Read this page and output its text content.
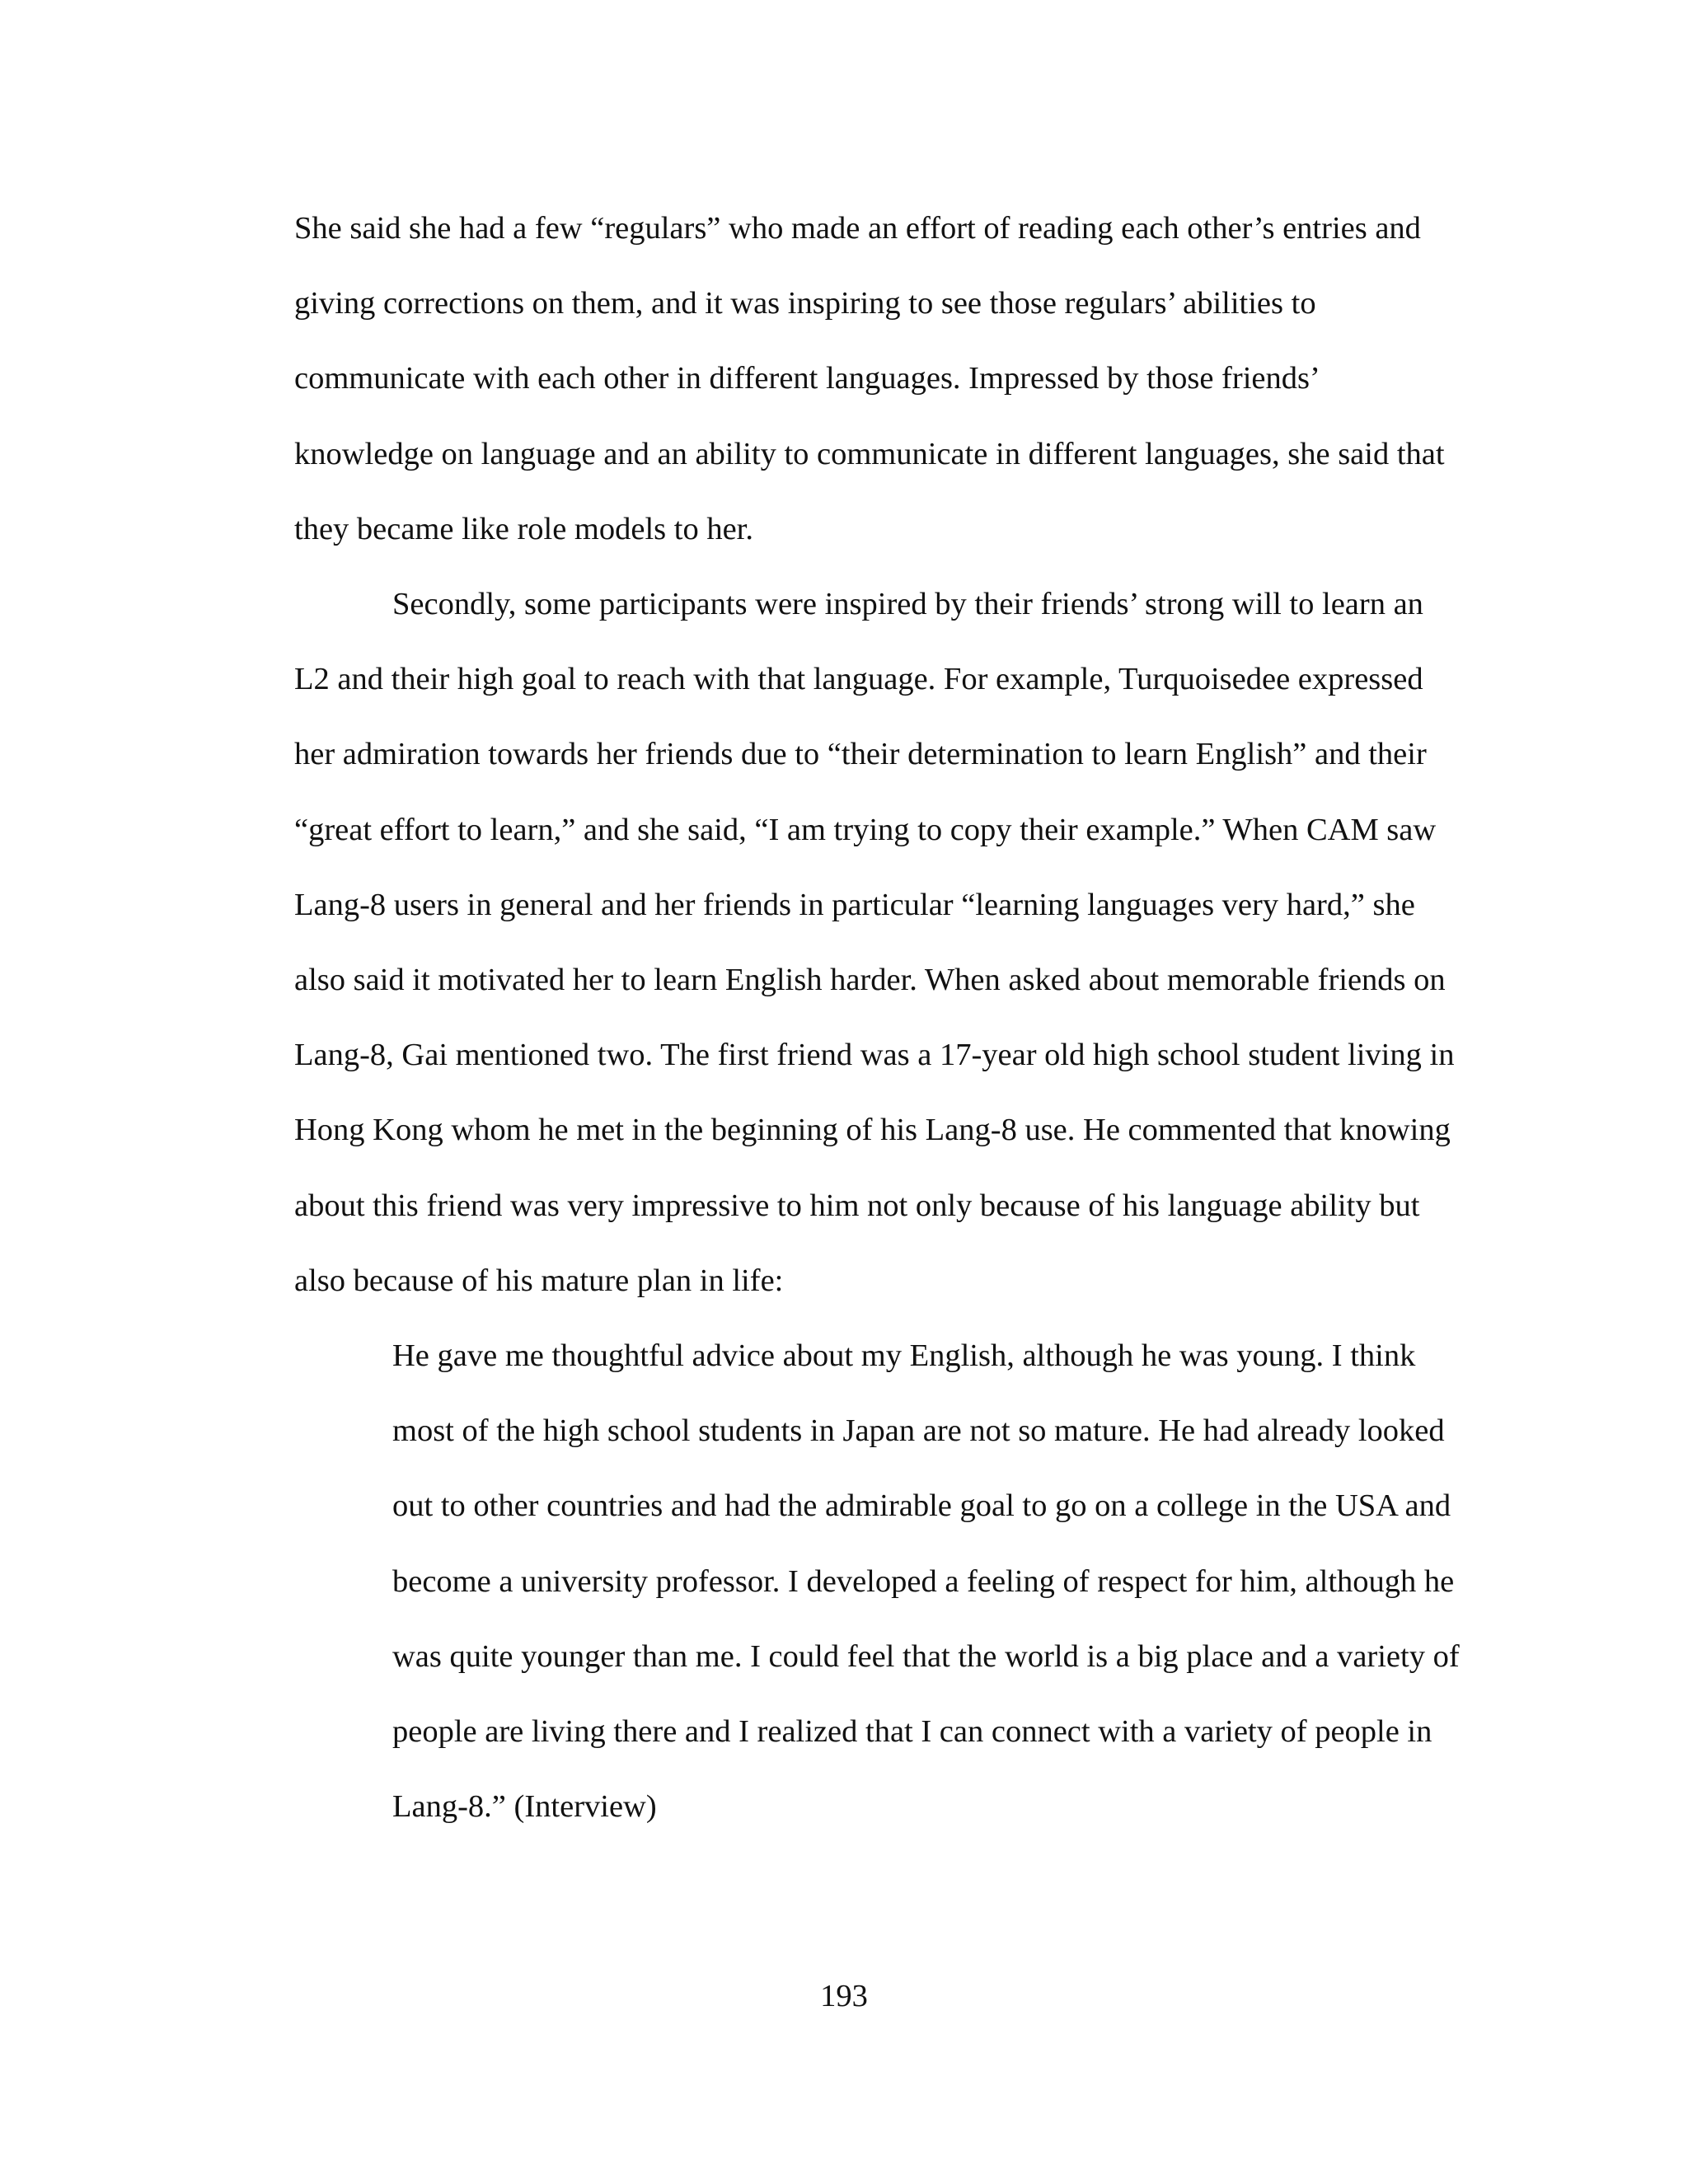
She said she had a few “regulars” who made an effort of reading each other’s entries and giving corrections on them, and it was inspiring to see those regulars’ abilities to communicate with each other in different languages. Impressed by those friends’ knowledge on language and an ability to communicate in different languages, she said that they became like role models to her.

Secondly, some participants were inspired by their friends’ strong will to learn an L2 and their high goal to reach with that language. For example, Turquoisedee expressed her admiration towards her friends due to “their determination to learn English” and their “great effort to learn,” and she said, “I am trying to copy their example.” When CAM saw Lang-8 users in general and her friends in particular “learning languages very hard,” she also said it motivated her to learn English harder. When asked about memorable friends on Lang-8, Gai mentioned two. The first friend was a 17-year old high school student living in Hong Kong whom he met in the beginning of his Lang-8 use. He commented that knowing about this friend was very impressive to him not only because of his language ability but also because of his mature plan in life:

He gave me thoughtful advice about my English, although he was young. I think most of the high school students in Japan are not so mature. He had already looked out to other countries and had the admirable goal to go on a college in the USA and become a university professor. I developed a feeling of respect for him, although he was quite younger than me. I could feel that the world is a big place and a variety of people are living there and I realized that I can connect with a variety of people in Lang-8.” (Interview)

193
